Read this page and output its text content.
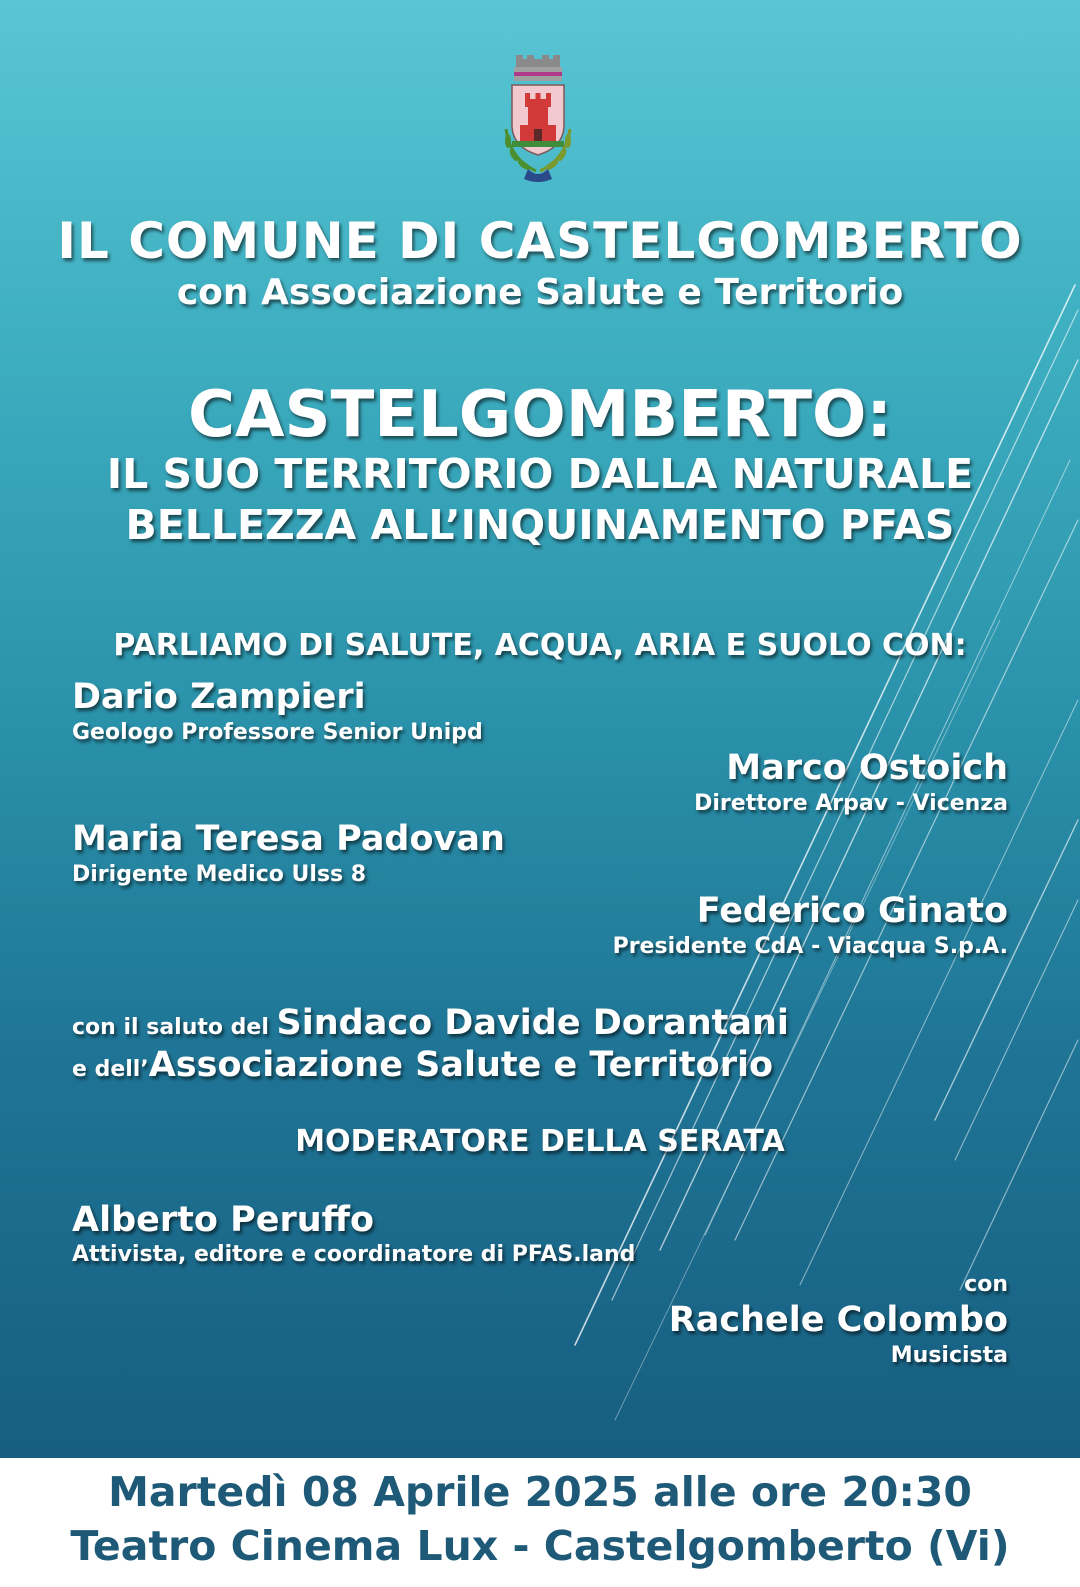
IL COMUNE DI CASTELGOMBERTO
con Associazione Salute e Territorio
CASTELGOMBERTO:
IL SUO TERRITORIO DALLA NATURALE
BELLEZZA ALL’INQUINAMENTO PFAS
PARLIAMO DI SALUTE, ACQUA, ARIA E SUOLO CON:
Dario Zampieri
Geologo Professore Senior Unipd
Marco Ostoich
Direttore Arpav - Vicenza
Maria Teresa Padovan
Dirigente Medico Ulss 8
Federico Ginato
Presidente CdA - Viacqua S.p.A.
con il saluto del Sindaco Davide Dorantani
e dell’Associazione Salute e Territorio
MODERATORE DELLA SERATA
Alberto Peruffo
Attivista, editore e coordinatore di PFAS.land
con
Rachele Colombo
Musicista
Martedì 08 Aprile 2025 alle ore 20:30
Teatro Cinema Lux - Castelgomberto (Vi)
